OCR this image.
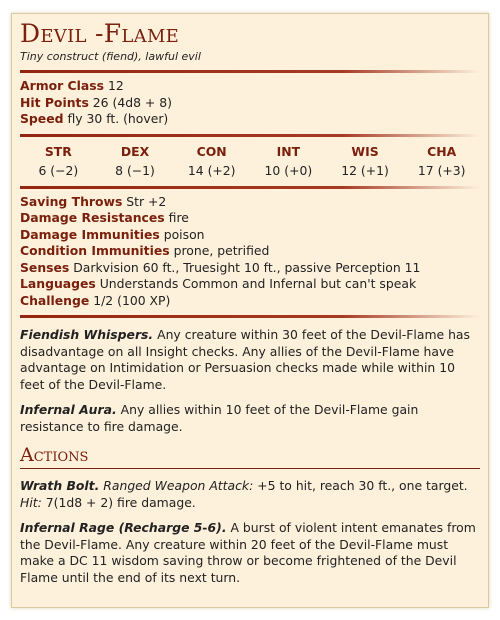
Devil -Flame

Tiny construct (fiend), lawful evil

Armor Class 12

Hit Points 26 (4d8 + 8)

Speed fly 30 ft. (hover)

STR
6 (−2)
DEX
8 (−1)
CON
14 (+2)
INT
10 (+0)
WIS
12 (+1)
CHA
17 (+3)

Saving Throws Str +2

Damage Resistances fire

Damage Immunities poison

Condition Immunities prone, petrified

Senses Darkvision 60 ft., Truesight 10 ft., passive Perception 11

Languages Understands Common and Infernal but can't speak

Challenge 1/2 (100 XP)

Fiendish Whispers. Any creature within 30 feet of the Devil-Flame has disadvantage on all Insight checks. Any allies of the Devil-Flame have advantage on Intimidation or Persuasion checks made while within 10 feet of the Devil-Flame.

Infernal Aura. Any allies within 10 feet of the Devil-Flame gain resistance to fire damage.

Actions

Wrath Bolt. Ranged Weapon Attack: +5 to hit, reach 30 ft., one target. Hit: 7(1d8 + 2) fire damage.

Infernal Rage (Recharge 5-6). A burst of violent intent emanates from the Devil-Flame. Any creature within 20 feet of the Devil-Flame must make a DC 11 wisdom saving throw or become frightened of the Devil Flame until the end of its next turn.
